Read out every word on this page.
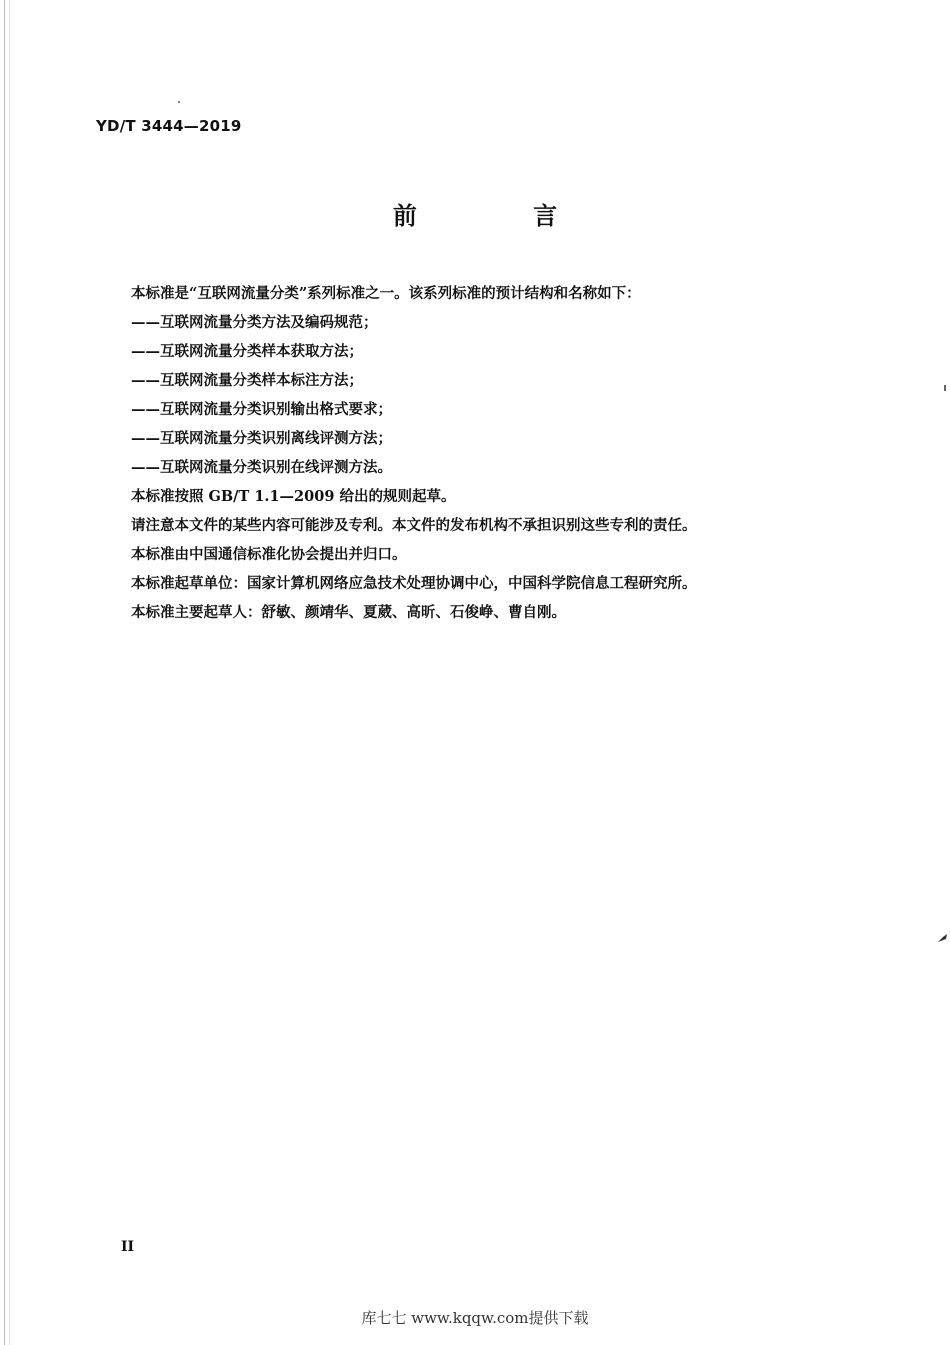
YD/T 3444—2019
前 言
本标准是“互联网流量分类”系列标准之一。该系列标准的预计结构和名称如下：
——互联网流量分类方法及编码规范；
——互联网流量分类样本获取方法；
——互联网流量分类样本标注方法；
——互联网流量分类识别输出格式要求；
——互联网流量分类识别离线评测方法；
——互联网流量分类识别在线评测方法。
本标准按照 GB/T 1.1—2009 给出的规则起草。
请注意本文件的某些内容可能涉及专利。本文件的发布机构不承担识别这些专利的责任。
本标准由中国通信标准化协会提出并归口。
本标准起草单位：国家计算机网络应急技术处理协调中心，中国科学院信息工程研究所。
本标准主要起草人：舒敏、颜靖华、夏葳、高昕、石俊峥、曹自刚。
II
库七七 www.kqqw.com提供下载
